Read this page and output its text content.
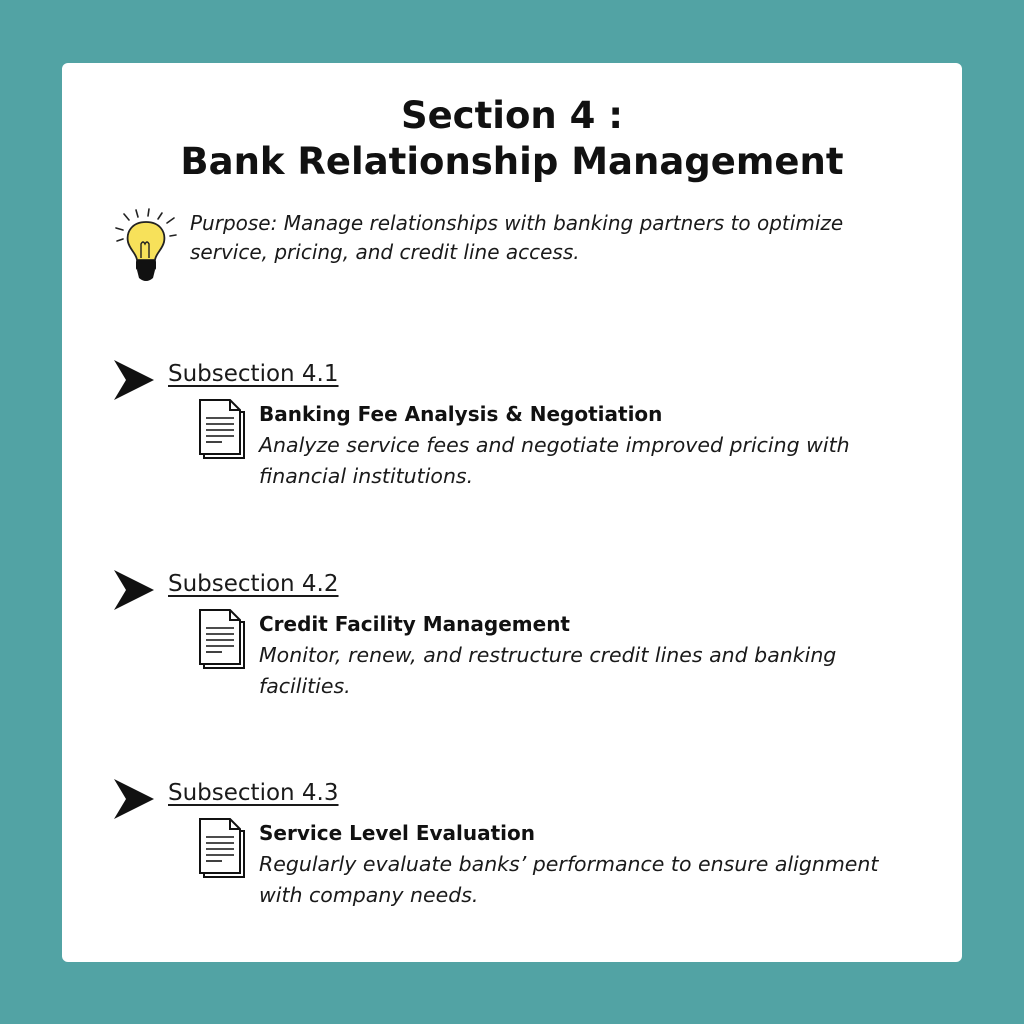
Section 4 :
Bank Relationship Management
Purpose: Manage relationships with banking partners to optimize service, pricing, and credit line access.
Subsection 4.1
Banking Fee Analysis & Negotiation
Analyze service fees and negotiate improved pricing with financial institutions.
Subsection 4.2
Credit Facility Management
Monitor, renew, and restructure credit lines and banking facilities.
Subsection 4.3
Service Level Evaluation
Regularly evaluate banks’ performance to ensure alignment with company needs.
